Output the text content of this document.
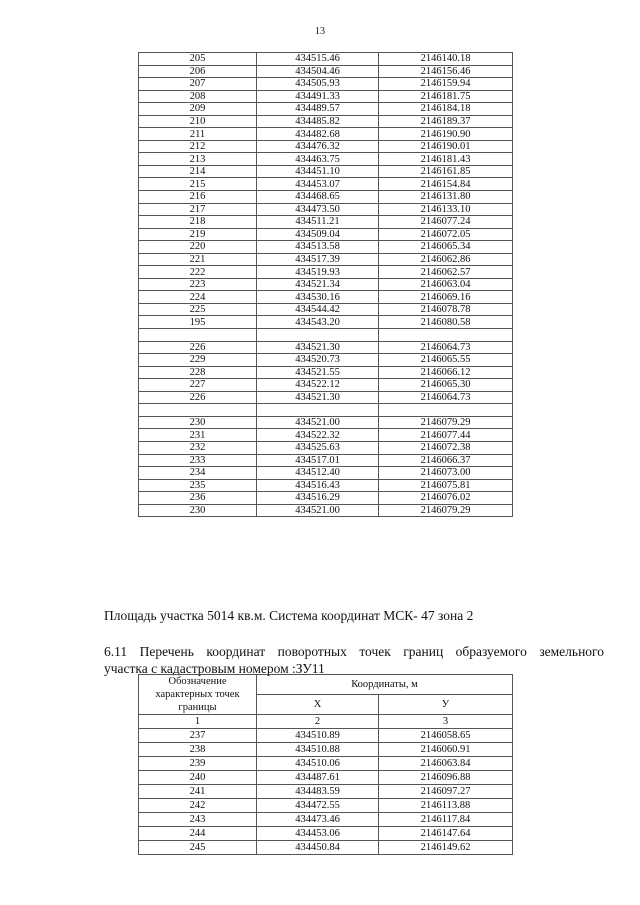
13
205	434515.46	2146140.18
206	434504.46	2146156.46
207	434505.93	2146159.94
208	434491.33	2146181.75
209	434489.57	2146184.18
210	434485.82	2146189.37
211	434482.68	2146190.90
212	434476.32	2146190.01
213	434463.75	2146181.43
214	434451.10	2146161.85
215	434453.07	2146154.84
216	434468.65	2146131.80
217	434473.50	2146133.10
218	434511.21	2146077.24
219	434509.04	2146072.05
220	434513.58	2146065.34
221	434517.39	2146062.86
222	434519.93	2146062.57
223	434521.34	2146063.04
224	434530.16	2146069.16
225	434544.42	2146078.78
195	434543.20	2146080.58

226	434521.30	2146064.73
229	434520.73	2146065.55
228	434521.55	2146066.12
227	434522.12	2146065.30
226	434521.30	2146064.73

230	434521.00	2146079.29
231	434522.32	2146077.44
232	434525.63	2146072.38
233	434517.01	2146066.37
234	434512.40	2146073.00
235	434516.43	2146075.81
236	434516.29	2146076.02
230	434521.00	2146079.29
Площадь участка 5014 кв.м. Система координат МСК- 47 зона 2
6.11 Перечень координат поворотных точек границ образуемого земельного
участка с кадастровым номером :ЗУ11
Обозначение характерных точек границы	Координаты, м	
	X	У
1	2	3
237	434510.89	2146058.65
238	434510.88	2146060.91
239	434510.06	2146063.84
240	434487.61	2146096.88
241	434483.59	2146097.27
242	434472.55	2146113.88
243	434473.46	2146117.84
244	434453.06	2146147.64
245	434450.84	2146149.62
